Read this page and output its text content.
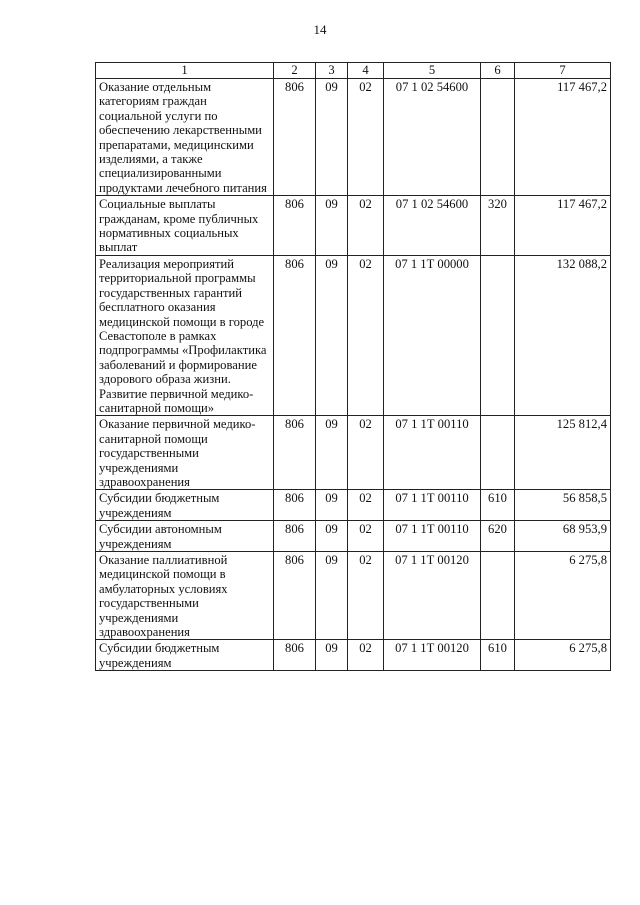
14
1	2	3	4	5	6	7
Оказание отдельным категориям граждан социальной услуги по обеспечению лекарственными препаратами, медицинскими изделиями, а также специализированными продуктами лечебного питания	806	09	02	07 1 02 54600		117 467,2
Социальные выплаты гражданам, кроме публичных нормативных социальных выплат	806	09	02	07 1 02 54600	320	117 467,2
Реализация мероприятий территориальной программы государственных гарантий бесплатного оказания медицинской помощи в городе Севастополе в рамках подпрограммы «Профилактика заболеваний и формирование здорового образа жизни. Развитие первичной медико-санитарной помощи»	806	09	02	07 1 1Т 00000		132 088,2
Оказание первичной медико-санитарной помощи государственными учреждениями здравоохранения	806	09	02	07 1 1Т 00110		125 812,4
Субсидии бюджетным учреждениям	806	09	02	07 1 1Т 00110	610	56 858,5
Субсидии автономным учреждениям	806	09	02	07 1 1Т 00110	620	68 953,9
Оказание паллиативной медицинской помощи в амбулаторных условиях государственными учреждениями здравоохранения	806	09	02	07 1 1Т 00120		6 275,8
Субсидии бюджетным учреждениям	806	09	02	07 1 1Т 00120	610	6 275,8
